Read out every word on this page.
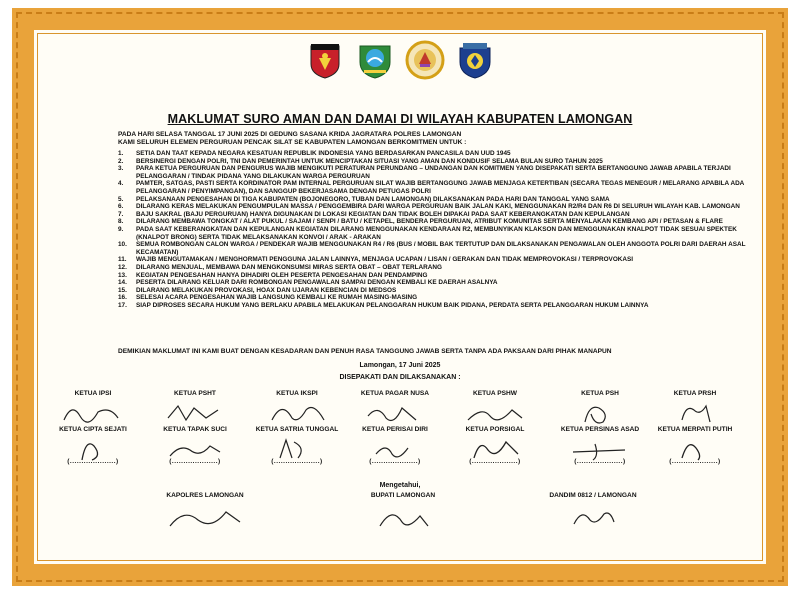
MAKLUMAT SURO AMAN DAN DAMAI DI WILAYAH KABUPATEN LAMONGAN
PADA HARI SELASA TANGGAL 17 JUNI 2025 DI GEDUNG SASANA KRIDA JAGRATARA POLRES LAMONGAN
KAMI SELURUH ELEMEN PERGURUAN PENCAK SILAT SE KABUPATEN LAMONGAN BERKOMITMEN UNTUK :
1.	SETIA DAN TAAT KEPADA NEGARA KESATUAN REPUBLIK INDONESIA YANG BERDASARKAN PANCASILA DAN UUD 1945
2.	BERSINERGI DENGAN POLRI, TNI DAN PEMERINTAH UNTUK MENCIPTAKAN SITUASI YANG AMAN DAN KONDUSIF SELAMA BULAN SURO TAHUN 2025
3.	PARA KETUA PERGURUAN DAN PENGURUS WAJIB MENGIKUTI PERATURAN PERUNDANG – UNDANGAN DAN KOMITMEN YANG DISEPAKATI SERTA BERTANGGUNG JAWAB APABILA TERJADI PELANGGARAN / TINDAK PIDANA YANG DILAKUKAN WARGA PERGURUAN
4.	PAMTER, SATGAS, PASTI SERTA KORDINATOR PAM INTERNAL PERGURUAN SILAT WAJIB BERTANGGUNG JAWAB MENJAGA KETERTIBAN (SECARA TEGAS MENEGUR / MELARANG APABILA ADA PELANGGARAN / PENYIMPANGAN), DAN SANGGUP BEKERJASAMA DENGAN PETUGAS POLRI
5.	PELAKSANAAN PENGESAHAN DI TIGA KABUPATEN (BOJONEGORO, TUBAN DAN LAMONGAN) DILAKSANAKAN PADA HARI DAN TANGGAL YANG SAMA
6.	DILARANG KERAS MELAKUKAN PENGUMPULAN MASSA / PENGGEMBIRA DARI WARGA PERGURUAN BAIK JALAN KAKI, MENGGUNAKAN R2/R4 DAN R6 DI SELURUH WILAYAH KAB. LAMONGAN
7.	BAJU SAKRAL (BAJU PERGURUAN) HANYA DIGUNAKAN DI LOKASI KEGIATAN DAN TIDAK BOLEH DIPAKAI PADA SAAT KEBERANGKATAN DAN KEPULANGAN
8.	DILARANG MEMBAWA TONGKAT / ALAT PUKUL / SAJAM / SENPI / BATU / KETAPEL, BENDERA PERGURUAN, ATRIBUT KOMUNITAS SERTA MENYALAKAN KEMBANG API / PETASAN & FLARE
9.	PADA SAAT KEBERANGKATAN DAN KEPULANGAN KEGIATAN DILARANG MENGGUNAKAN KENDARAAN R2, MEMBUNYIKAN KLAKSON DAN MENGGUNAKAN KNALPOT TIDAK SESUAI SPEKTEK (KNALPOT BRONG) SERTA TIDAK MELAKSANAKAN KONVOI / ARAK - ARAKAN
10.	SEMUA ROMBONGAN CALON WARGA / PENDEKAR WAJIB MENGGUNAKAN R4 / R6 (BUS / MOBIL BAK TERTUTUP DAN DILAKSANAKAN PENGAWALAN OLEH ANGGOTA POLRI DARI DAERAH ASAL KECAMATAN)
11.	WAJIB MENGUTAMAKAN / MENGHORMATI PENGGUNA JALAN LAINNYA, MENJAGA UCAPAN / LISAN / GERAKAN DAN TIDAK MEMPROVOKASI / TERPROVOKASI
12.	DILARANG MENJUAL, MEMBAWA DAN MENGKONSUMSI MIRAS SERTA OBAT – OBAT TERLARANG
13.	KEGIATAN PENGESAHAN HANYA DIHADIRI OLEH PESERTA PENGESAHAN DAN PENDAMPING
14.	PESERTA DILARANG KELUAR DARI ROMBONGAN PENGAWALAN SAMPAI DENGAN KEMBALI KE DAERAH ASALNYA
15.	DILARANG MELAKUKAN PROVOKASI, HOAX DAN UJARAN KEBENCIAN DI MEDSOS
16.	SELESAI ACARA PENGESAHAN WAJIB LANGSUNG KEMBALI KE RUMAH MASING-MASING
17.	SIAP DIPROSES SECARA HUKUM YANG BERLAKU APABILA MELAKUKAN PELANGGARAN HUKUM BAIK PIDANA, PERDATA SERTA PELANGGARAN HUKUM LAINNYA
DEMIKIAN MAKLUMAT INI KAMI BUAT DENGAN KESADARAN DAN PENUH RASA TANGGUNG JAWAB SERTA TANPA ADA PAKSAAN DARI PIHAK MANAPUN
Lamongan, 17 Juni 2025
DISEPAKATI DAN DILAKSANAKAN :
KETUA IPSI	KETUA PSHT	KETUA IKSPI	KETUA PAGAR NUSA	KETUA PSHW	KETUA PSH	KETUA PRSH
KETUA CIPTA SEJATI
(....................)
KETUA TAPAK SUCI
(....................)
KETUA SATRIA TUNGGAL
(....................)
KETUA PERISAI DIRI
(....................)
KETUA PORSIGAL
(....................)
KETUA PERSINAS ASAD
(....................)
KETUA MERPATI PUTIH
(....................)
Mengetahui,
KAPOLRES LAMONGAN	BUPATI LAMONGAN	DANDIM 0812 / LAMONGAN
